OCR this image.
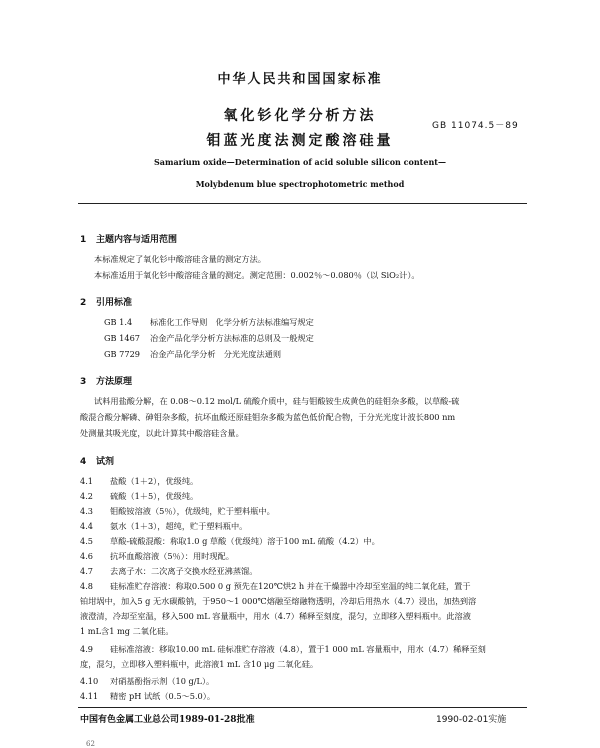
中华人民共和国国家标准
氧化钐化学分析方法
钼蓝光度法测定酸溶硅量
GB 11074.5－89
Samarium oxide—Determination of acid soluble silicon content—
Molybdenum blue spectrophotometric method
1 主题内容与适用范围
本标准规定了氧化钐中酸溶硅含量的测定方法。
本标准适用于氧化钐中酸溶硅含量的测定。测定范围：0.002％～0.080％（以 SiO₂计）。
2 引用标准
GB 1.4 标准化工作导则　化学分析方法标准编写规定
GB 1467 冶金产品化学分析方法标准的总则及一般规定
GB 7729 冶金产品化学分析　分光光度法通则
3 方法原理
试料用盐酸分解，在 0.08～0.12 mol/L 硫酸介质中，硅与钼酸铵生成黄色的硅钼杂多酸，以草酸-硫
酸混合酸分解磷、砷钼杂多酸，抗坏血酸还原硅钼杂多酸为蓝色低价配合物，于分光光度计波长800 nm
处测量其吸光度，以此计算其中酸溶硅含量。
4 试剂
4.1 盐酸（1＋2），优级纯。
4.2 硫酸（1＋5），优级纯。
4.3 钼酸铵溶液（5％），优级纯，贮于塑料瓶中。
4.4 氨水（1＋3），超纯，贮于塑料瓶中。
4.5 草酸-硫酸混酸：称取1.0 g 草酸（优级纯）溶于100 mL 硫酸（4.2）中。
4.6 抗坏血酸溶液（5％）：用时现配。
4.7 去离子水：二次离子交换水经亚沸蒸馏。
4.8 硅标准贮存溶液：称取0.500 0 g 预先在120℃烘2 h 并在干燥器中冷却至室温的纯二氧化硅，置于
铂坩埚中，加入5 g 无水碳酸钠，于950～1 000℃熔融至熔融物透明，冷却后用热水（4.7）浸出，加热到溶
液澄清，冷却至室温，移入500 mL 容量瓶中，用水（4.7）稀释至刻度，混匀，立即移入塑料瓶中。此溶液
1 mL含1 mg 二氧化硅。
4.9 硅标准溶液：移取10.00 mL 硅标准贮存溶液（4.8），置于1 000 mL 容量瓶中，用水（4.7）稀释至刻
度，混匀，立即移入塑料瓶中，此溶液1 mL 含10 μg 二氧化硅。
4.10 对硝基酚指示剂（10 g/L）。
4.11 精密 pH 试纸（0.5～5.0）。
中国有色金属工业总公司1989-01-28批准	1990-02-01实施
62
